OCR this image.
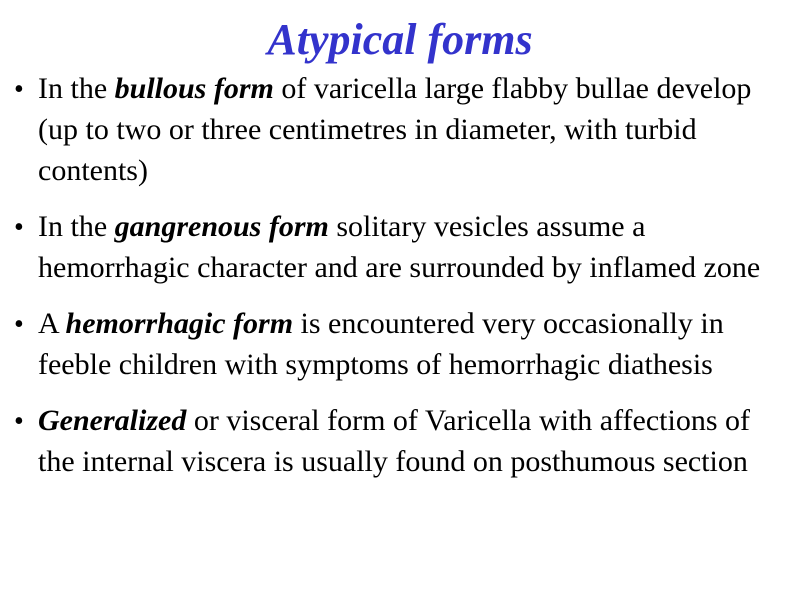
Atypical forms
•
In the bullous form of varicella large flabby bullae develop (up to two or three centimetres in diameter, with turbid contents)
•
In the gangrenous form solitary vesicles assume a hemorrhagic character and are surrounded by inflamed zone
•
A hemorrhagic form is encountered very occasionally in feeble children with symptoms of hemorrhagic diathesis
•
Generalized or visceral form of Varicella with affections of the internal viscera is usually found on posthumous section
